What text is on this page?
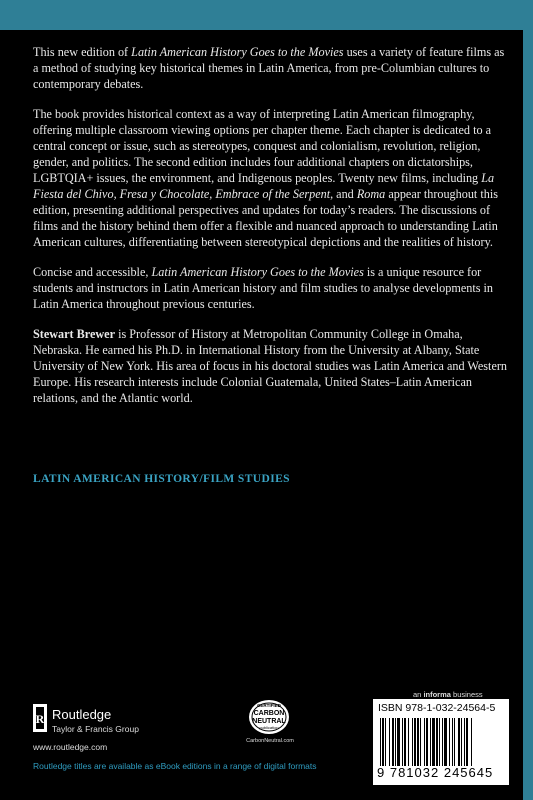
This new edition of Latin American History Goes to the Movies uses a variety of feature films as a method of studying key historical themes in Latin America, from pre-Columbian cultures to contemporary debates.

The book provides historical context as a way of interpreting Latin American filmography, offering multiple classroom viewing options per chapter theme. Each chapter is dedicated to a central concept or issue, such as stereotypes, conquest and colonialism, revolution, religion, gender, and politics. The second edition includes four additional chapters on dictatorships, LGBTQIA+ issues, the environment, and Indigenous peoples. Twenty new films, including La Fiesta del Chivo, Fresa y Chocolate, Embrace of the Serpent, and Roma appear throughout this edition, presenting additional perspectives and updates for today’s readers. The discussions of films and the history behind them offer a flexible and nuanced approach to understanding Latin American cultures, differentiating between stereotypical depictions and the realities of history.

Concise and accessible, Latin American History Goes to the Movies is a unique resource for students and instructors in Latin American history and film studies to analyse developments in Latin America throughout previous centuries.

Stewart Brewer is Professor of History at Metropolitan Community College in Omaha, Nebraska. He earned his Ph.D. in International History from the University at Albany, State University of New York. His area of focus in his doctoral studies was Latin America and Western Europe. His research interests include Colonial Guatemala, United States–Latin American relations, and the Atlantic world.

LATIN AMERICAN HISTORY/FILM STUDIES
R Routledge
Taylor & Francis Group
www.routledge.com
Routledge titles are available as eBook editions in a range of digital formats
CERTIFIED
CARBON
NEUTRAL
publication
CarbonNeutral.com
an informa business
ISBN 978-1-032-24564-5
9 781032 245645
